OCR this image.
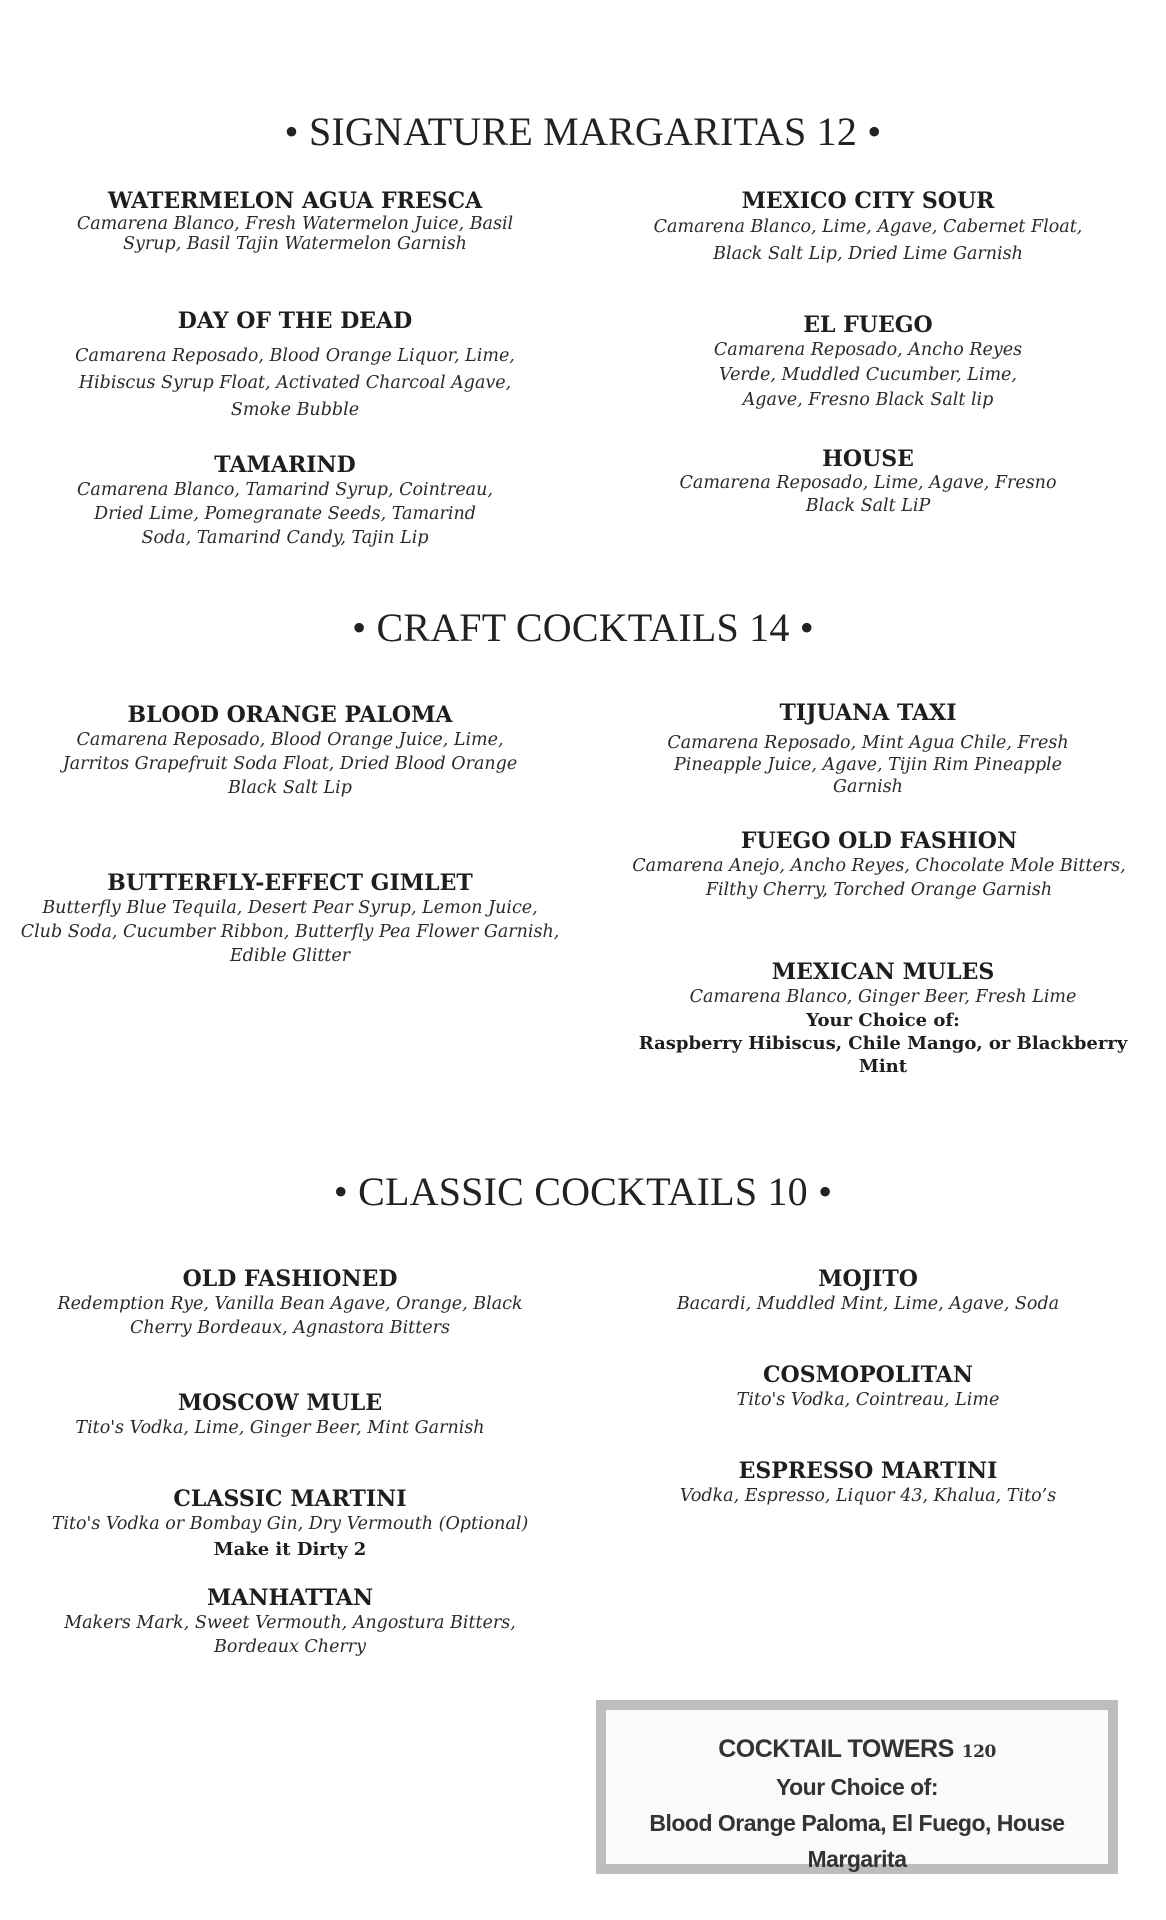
• SIGNATURE MARGARITAS 12 •
• CRAFT COCKTAILS 14 •
• CLASSIC COCKTAILS 10 •
WATERMELON AGUA FRESCA
Camarena Blanco, Fresh Watermelon Juice, Basil
Syrup, Basil Tajin Watermelon Garnish
DAY OF THE DEAD
Camarena Reposado, Blood Orange Liquor, Lime,
Hibiscus Syrup Float, Activated Charcoal Agave,
Smoke Bubble
TAMARIND
Camarena Blanco, Tamarind Syrup, Cointreau,
Dried Lime, Pomegranate Seeds, Tamarind
Soda, Tamarind Candy, Tajin Lip
MEXICO CITY SOUR
Camarena Blanco, Lime, Agave, Cabernet Float,
Black Salt Lip, Dried Lime Garnish
EL FUEGO
Camarena Reposado, Ancho Reyes
Verde, Muddled Cucumber, Lime,
Agave, Fresno Black Salt lip
HOUSE
Camarena Reposado, Lime, Agave, Fresno
Black Salt LiP
BLOOD ORANGE PALOMA
Camarena Reposado, Blood Orange Juice, Lime,
Jarritos Grapefruit Soda Float, Dried Blood Orange
Black Salt Lip
BUTTERFLY-EFFECT GIMLET
Butterfly Blue Tequila, Desert Pear Syrup, Lemon Juice,
Club Soda, Cucumber Ribbon, Butterfly Pea Flower Garnish,
Edible Glitter
TIJUANA TAXI
Camarena Reposado, Mint Agua Chile, Fresh
Pineapple Juice, Agave, Tijin Rim Pineapple
Garnish
FUEGO OLD FASHION
Camarena Anejo, Ancho Reyes, Chocolate Mole Bitters,
Filthy Cherry, Torched Orange Garnish
MEXICAN MULES
Camarena Blanco, Ginger Beer, Fresh Lime
Your Choice of:
Raspberry Hibiscus, Chile Mango, or Blackberry
Mint
OLD FASHIONED
Redemption Rye, Vanilla Bean Agave, Orange, Black
Cherry Bordeaux, Agnastora Bitters
MOSCOW MULE
Tito's Vodka, Lime, Ginger Beer, Mint Garnish
CLASSIC MARTINI
Tito's Vodka or Bombay Gin, Dry Vermouth (Optional)
Make it Dirty 2
MANHATTAN
Makers Mark, Sweet Vermouth, Angostura Bitters,
Bordeaux Cherry
MOJITO
Bacardi, Muddled Mint, Lime, Agave, Soda
COSMOPOLITAN
Tito's Vodka, Cointreau, Lime
ESPRESSO MARTINI
Vodka, Espresso, Liquor 43, Khalua, Tito’s
COCKTAIL TOWERS 120
Your Choice of:
Blood Orange Paloma, El Fuego, House Margarita
